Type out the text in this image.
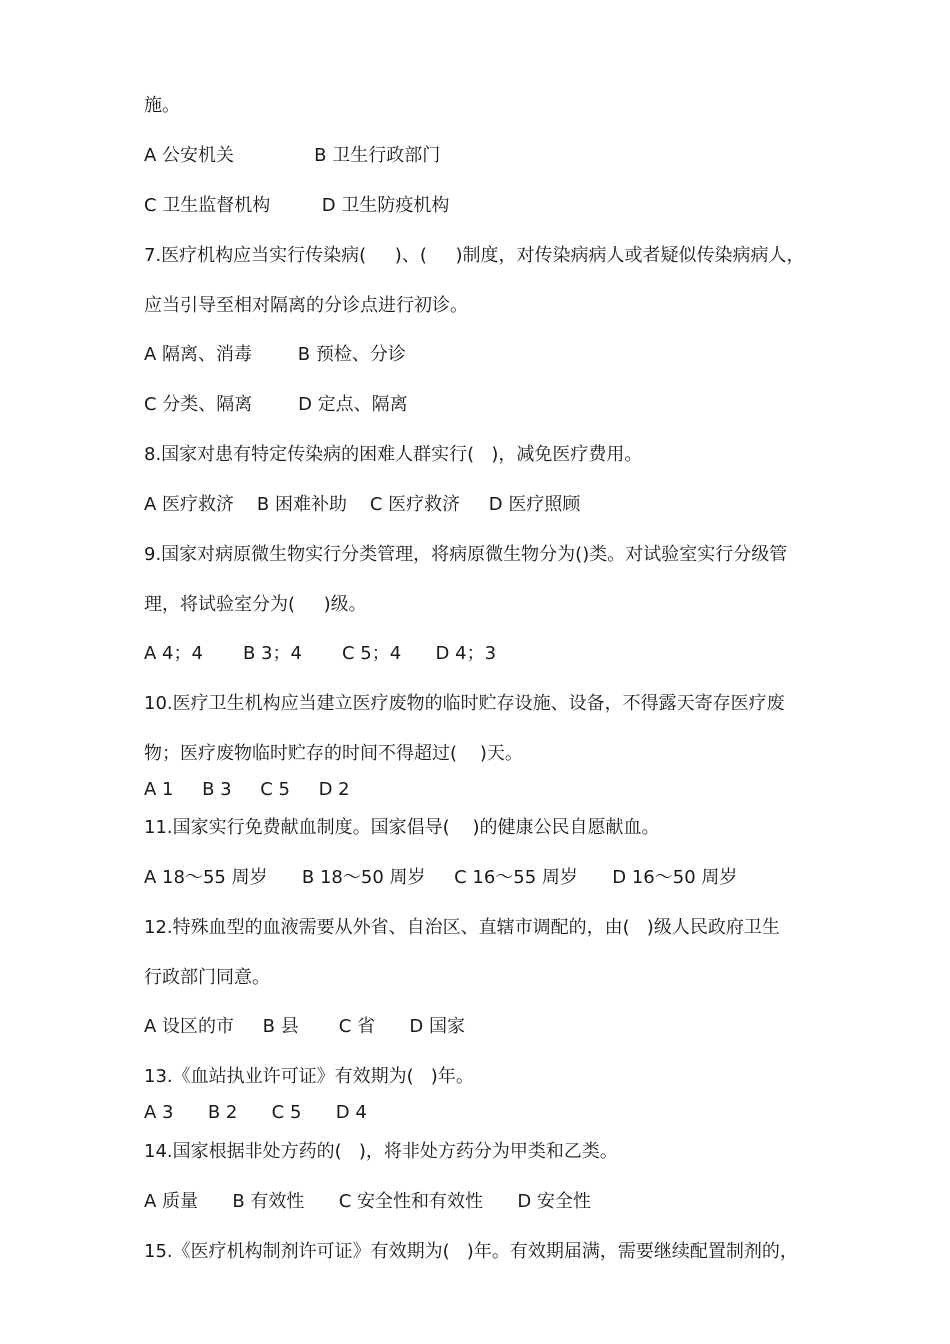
施。
A 公安机关              B 卫生行政部门
C 卫生监督机构         D 卫生防疫机构
7.医疗机构应当实行传染病(     )、(     )制度，对传染病病人或者疑似传染病病人，
应当引导至相对隔离的分诊点进行初诊。
A 隔离、消毒        B 预检、分诊
C 分类、隔离        D 定点、隔离
8.国家对患有特定传染病的困难人群实行(   )，减免医疗费用。
A 医疗救济    B 困难补助    C 医疗救济     D 医疗照顾
9.国家对病原微生物实行分类管理，将病原微生物分为()类。对试验室实行分级管
理，将试验室分为(     )级。
A 4；4       B 3；4       C 5；4      D 4；3
10.医疗卫生机构应当建立医疗废物的临时贮存设施、设备，不得露天寄存医疗废
物；医疗废物临时贮存的时间不得超过(    )天。
A 1     B 3     C 5     D 2
11.国家实行免费献血制度。国家倡导(    )的健康公民自愿献血。
A 18～55 周岁      B 18～50 周岁     C 16～55 周岁      D 16～50 周岁
12.特殊血型的血液需要从外省、自治区、直辖市调配的，由(   )级人民政府卫生
行政部门同意。
A 设区的市     B 县       C 省      D 国家
13.《血站执业许可证》有效期为(   )年。
A 3      B 2      C 5      D 4
14.国家根据非处方药的(   )，将非处方药分为甲类和乙类。
A 质量      B 有效性      C 安全性和有效性      D 安全性
15.《医疗机构制剂许可证》有效期为(   )年。有效期届满，需要继续配置制剂的，
